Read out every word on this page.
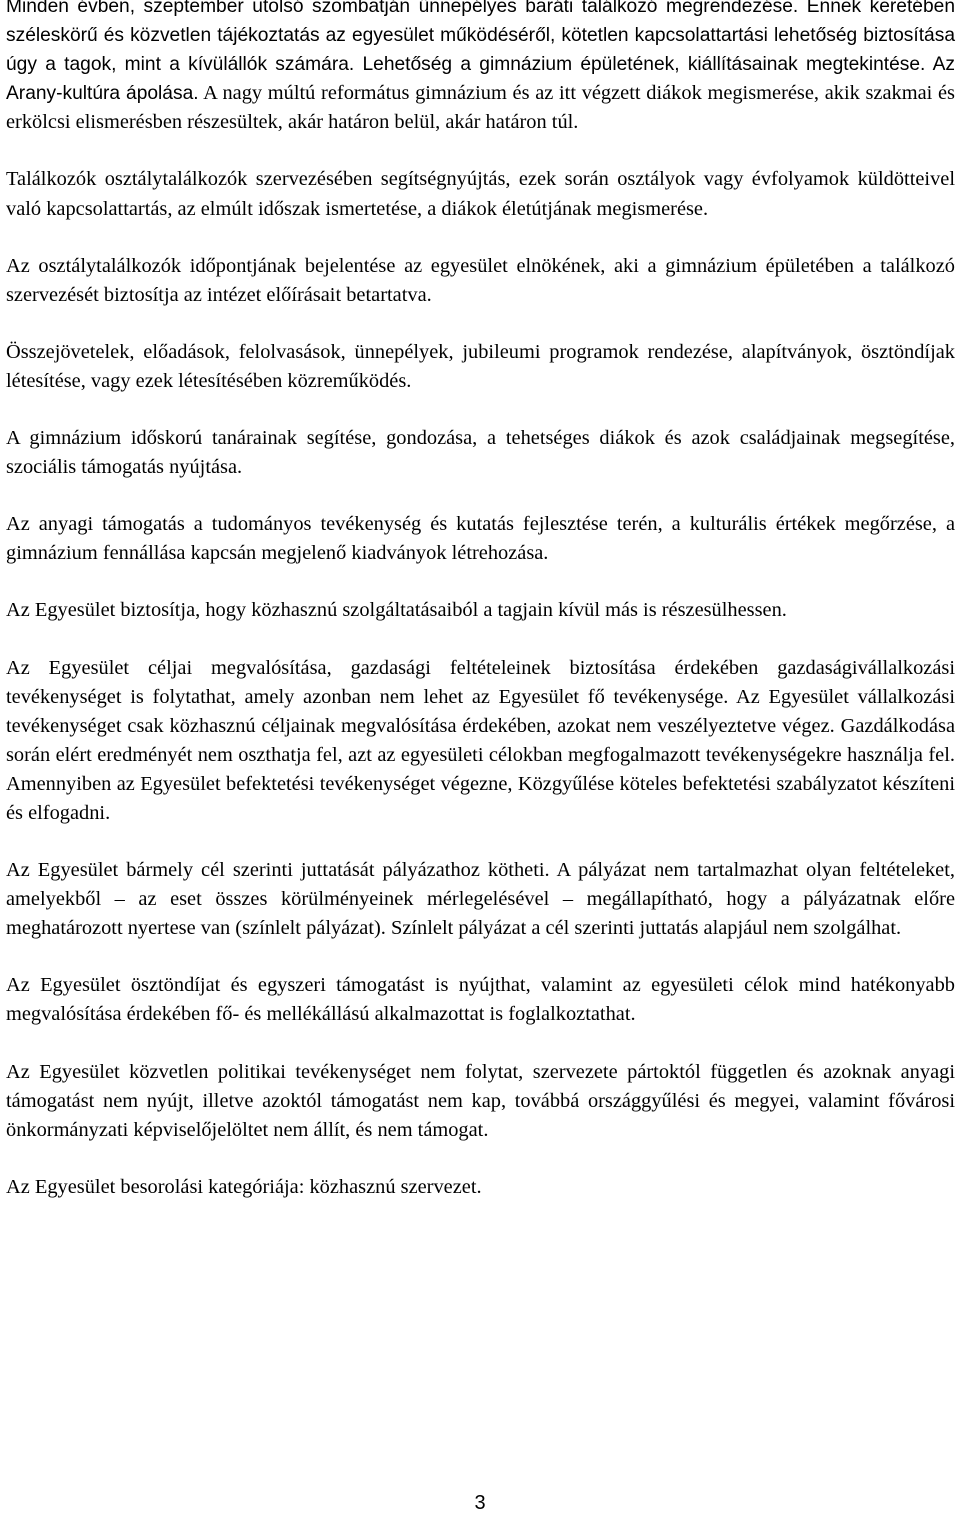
Minden évben, szeptember utolsó szombatján ünnepélyes baráti találkozó megrendezése. Ennek keretében széleskörű és közvetlen tájékoztatás az egyesület működéséről, kötetlen kapcsolattartási lehetőség biztosítása úgy a tagok, mint a kívülállók számára. Lehetőség a gimnázium épületének, kiállításainak megtekintése. Az Arany-kultúra ápolása. A nagy múltú református gimnázium és az itt végzett diákok megismerése, akik szakmai és erkölcsi elismerésben részesültek, akár határon belül, akár határon túl.

Találkozók osztálytalálkozók szervezésében segítségnyújtás, ezek során osztályok vagy évfolyamok küldötteivel való kapcsolattartás, az elmúlt időszak ismertetése, a diákok életútjának megismerése.

Az osztálytalálkozók időpontjának bejelentése az egyesület elnökének, aki a gimnázium épületében a találkozó szervezését biztosítja az intézet előírásait betartatva.

Összejövetelek, előadások, felolvasások, ünnepélyek, jubileumi programok rendezése, alapítványok, ösztöndíjak létesítése, vagy ezek létesítésében közreműködés.

A gimnázium időskorú tanárainak segítése, gondozása, a tehetséges diákok és azok családjainak megsegítése, szociális támogatás nyújtása.

Az anyagi támogatás a tudományos tevékenység és kutatás fejlesztése terén, a kulturális értékek megőrzése, a gimnázium fennállása kapcsán megjelenő kiadványok létrehozása.

Az Egyesület biztosítja, hogy közhasznú szolgáltatásaiból a tagjain kívül más is részesülhessen.

Az Egyesület céljai megvalósítása, gazdasági feltételeinek biztosítása érdekében gazdaságivállalkozási tevékenységet is folytathat, amely azonban nem lehet az Egyesület fő tevékenysége. Az Egyesület vállalkozási tevékenységet csak közhasznú céljainak megvalósítása érdekében, azokat nem veszélyeztetve végez. Gazdálkodása során elért eredményét nem oszthatja fel, azt az egyesületi célokban megfogalmazott tevékenységekre használja fel. Amennyiben az Egyesület befektetési tevékenységet végezne, Közgyűlése köteles befektetési szabályzatot készíteni és elfogadni.

Az Egyesület bármely cél szerinti juttatását pályázathoz kötheti. A pályázat nem tartalmazhat olyan feltételeket, amelyekből – az eset összes körülményeinek mérlegelésével – megállapítható, hogy a pályázatnak előre meghatározott nyertese van (színlelt pályázat). Színlelt pályázat a cél szerinti juttatás alapjául nem szolgálhat.

Az Egyesület ösztöndíjat és egyszeri támogatást is nyújthat, valamint az egyesületi célok mind hatékonyabb megvalósítása érdekében fő- és mellékállású alkalmazottat is foglalkoztathat.

Az Egyesület közvetlen politikai tevékenységet nem folytat, szervezete pártoktól független és azoknak anyagi támogatást nem nyújt, illetve azoktól támogatást nem kap, továbbá országgyűlési és megyei, valamint fővárosi önkormányzati képviselőjelöltet nem állít, és nem támogat.

Az Egyesület besorolási kategóriája: közhasznú szervezet.

3
